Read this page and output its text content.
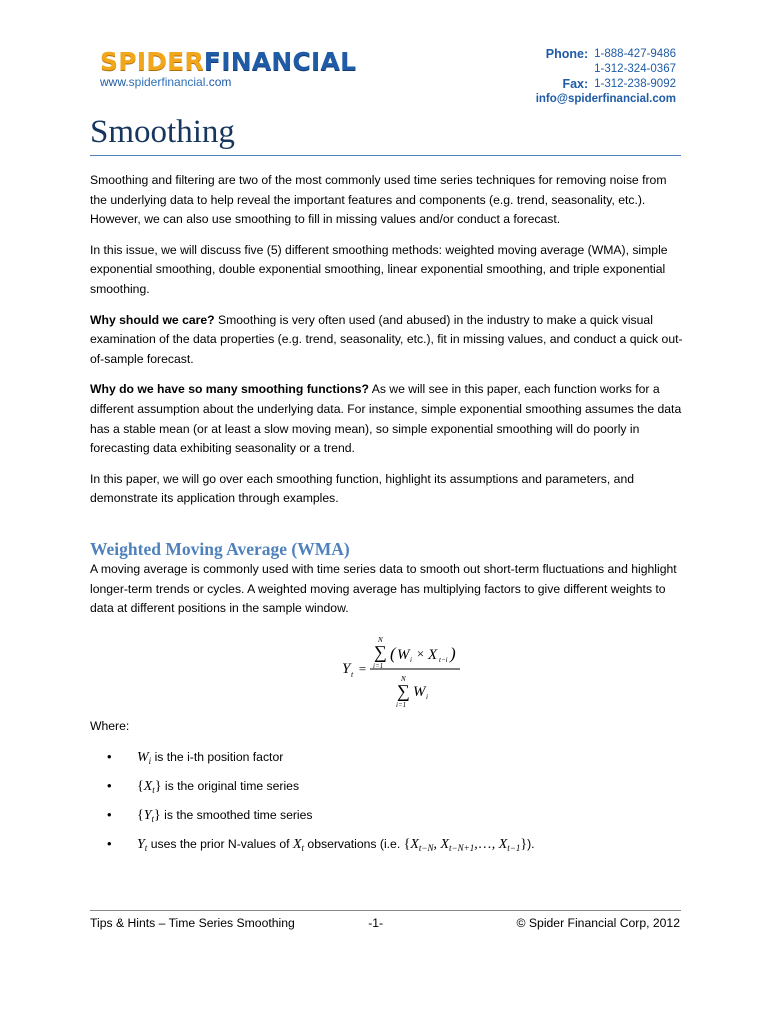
SPIDERFINANCIAL
www.spiderfinancial.com
Phone: 1-888-427-9486
1-312-324-0367
Fax: 1-312-238-9092
info@spiderfinancial.com
Smoothing

Smoothing and filtering are two of the most commonly used time series techniques for removing noise from the underlying data to help reveal the important features and components (e.g. trend, seasonality, etc.). However, we can also use smoothing to fill in missing values and/or conduct a forecast.

In this issue, we will discuss five (5) different smoothing methods: weighted moving average (WMA), simple exponential smoothing, double exponential smoothing, linear exponential smoothing, and triple exponential smoothing.

Why should we care? Smoothing is very often used (and abused) in the industry to make a quick visual examination of the data properties (e.g. trend, seasonality, etc.), fit in missing values, and conduct a quick out-of-sample forecast.

Why do we have so many smoothing functions? As we will see in this paper, each function works for a different assumption about the underlying data. For instance, simple exponential smoothing assumes the data has a stable mean (or at least a slow moving mean), so simple exponential smoothing will do poorly in forecasting data exhibiting seasonality or a trend.

In this paper, we will go over each smoothing function, highlight its assumptions and parameters, and demonstrate its application through examples.

Weighted Moving Average (WMA)

A moving average is commonly used with time series data to smooth out short-term fluctuations and highlight longer-term trends or cycles. A weighted moving average has multiplying factors to give different weights to data at different positions in the sample window.

Y t =
N
∑
i=1
( W i × X t−i )
N
∑
i=1
W i

Where:

• $W_i$ is the i-th position factor
• $\{X_t\}$ is the original time series
• $\{Y_t\}$ is the smoothed time series
• $Y_t$ uses the prior N-values of $X_t$ observations (i.e. {$X_{t-N}$, $X_{t-N+1},\dots$, $X_{t-1}$}).
Tips & Hints – Time Series Smoothing	-1-	© Spider Financial Corp, 2012
